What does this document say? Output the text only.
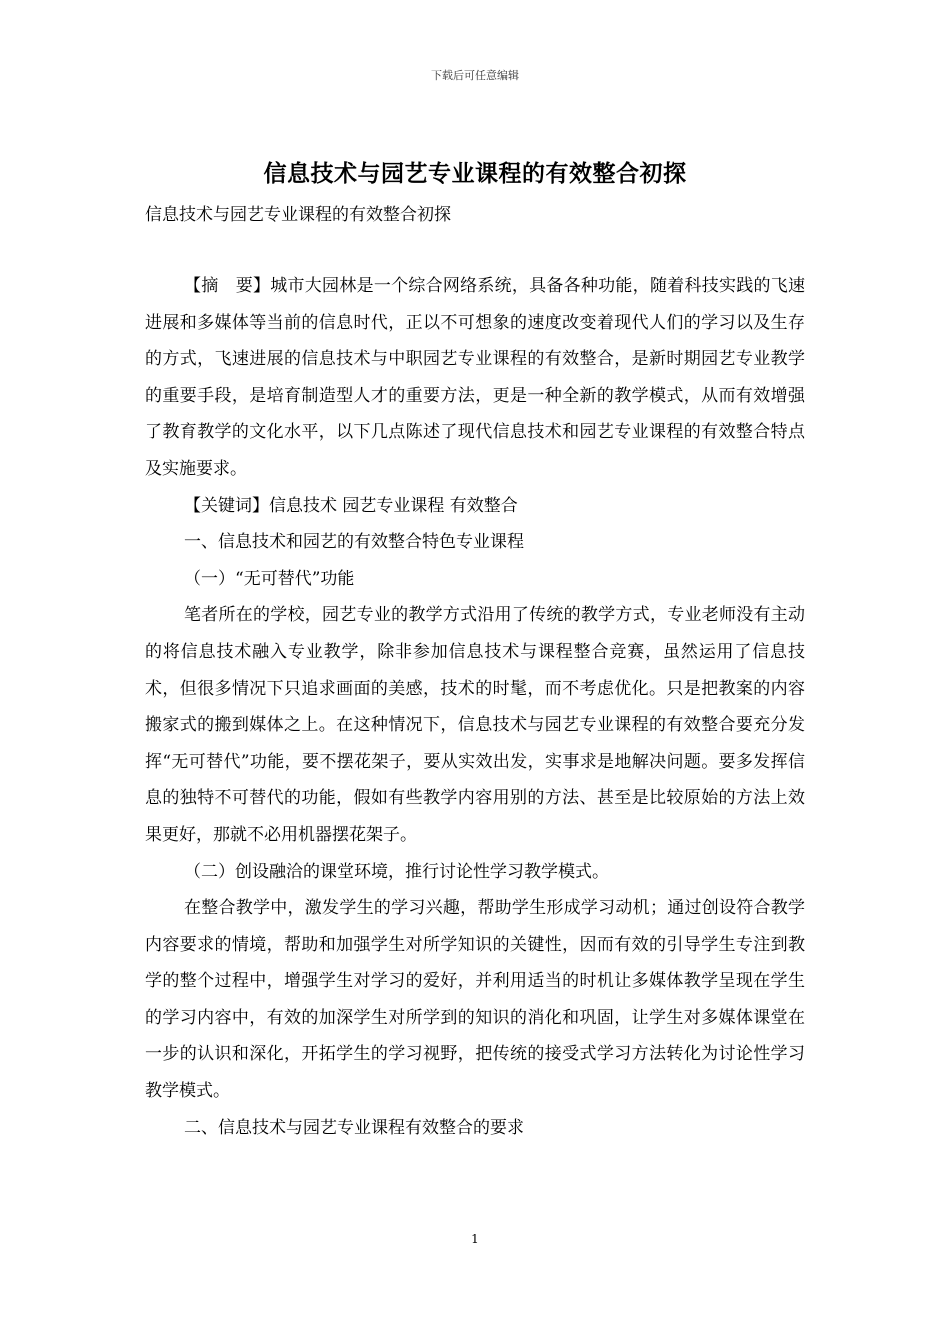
下载后可任意编辑
信息技术与园艺专业课程的有效整合初探
信息技术与园艺专业课程的有效整合初探

【摘　要】城市大园林是一个综合网络系统，具备各种功能，随着科技实践的飞速进展和多媒体等当前的信息时代，正以不可想象的速度改变着现代人们的学习以及生存的方式，飞速进展的信息技术与中职园艺专业课程的有效整合，是新时期园艺专业教学的重要手段，是培育制造型人才的重要方法，更是一种全新的教学模式，从而有效增强了教育教学的文化水平，以下几点陈述了现代信息技术和园艺专业课程的有效整合特点及实施要求。

【关键词】信息技术 园艺专业课程 有效整合

一、信息技术和园艺的有效整合特色专业课程

（一）“无可替代”功能

笔者所在的学校，园艺专业的教学方式沿用了传统的教学方式，专业老师没有主动的将信息技术融入专业教学，除非参加信息技术与课程整合竞赛，虽然运用了信息技术，但很多情况下只追求画面的美感，技术的时髦，而不考虑优化。只是把教案的内容搬家式的搬到媒体之上。在这种情况下，信息技术与园艺专业课程的有效整合要充分发挥“无可替代”功能，要不摆花架子，要从实效出发，实事求是地解决问题。要多发挥信息的独特不可替代的功能，假如有些教学内容用别的方法、甚至是比较原始的方法上效果更好，那就不必用机器摆花架子。

（二）创设融洽的课堂环境，推行讨论性学习教学模式。

在整合教学中，激发学生的学习兴趣，帮助学生形成学习动机；通过创设符合教学内容要求的情境，帮助和加强学生对所学知识的关键性，因而有效的引导学生专注到教学的整个过程中，增强学生对学习的爱好，并利用适当的时机让多媒体教学呈现在学生的学习内容中，有效的加深学生对所学到的知识的消化和巩固，让学生对多媒体课堂在一步的认识和深化，开拓学生的学习视野，把传统的接受式学习方法转化为讨论性学习教学模式。

二、信息技术与园艺专业课程有效整合的要求

1
